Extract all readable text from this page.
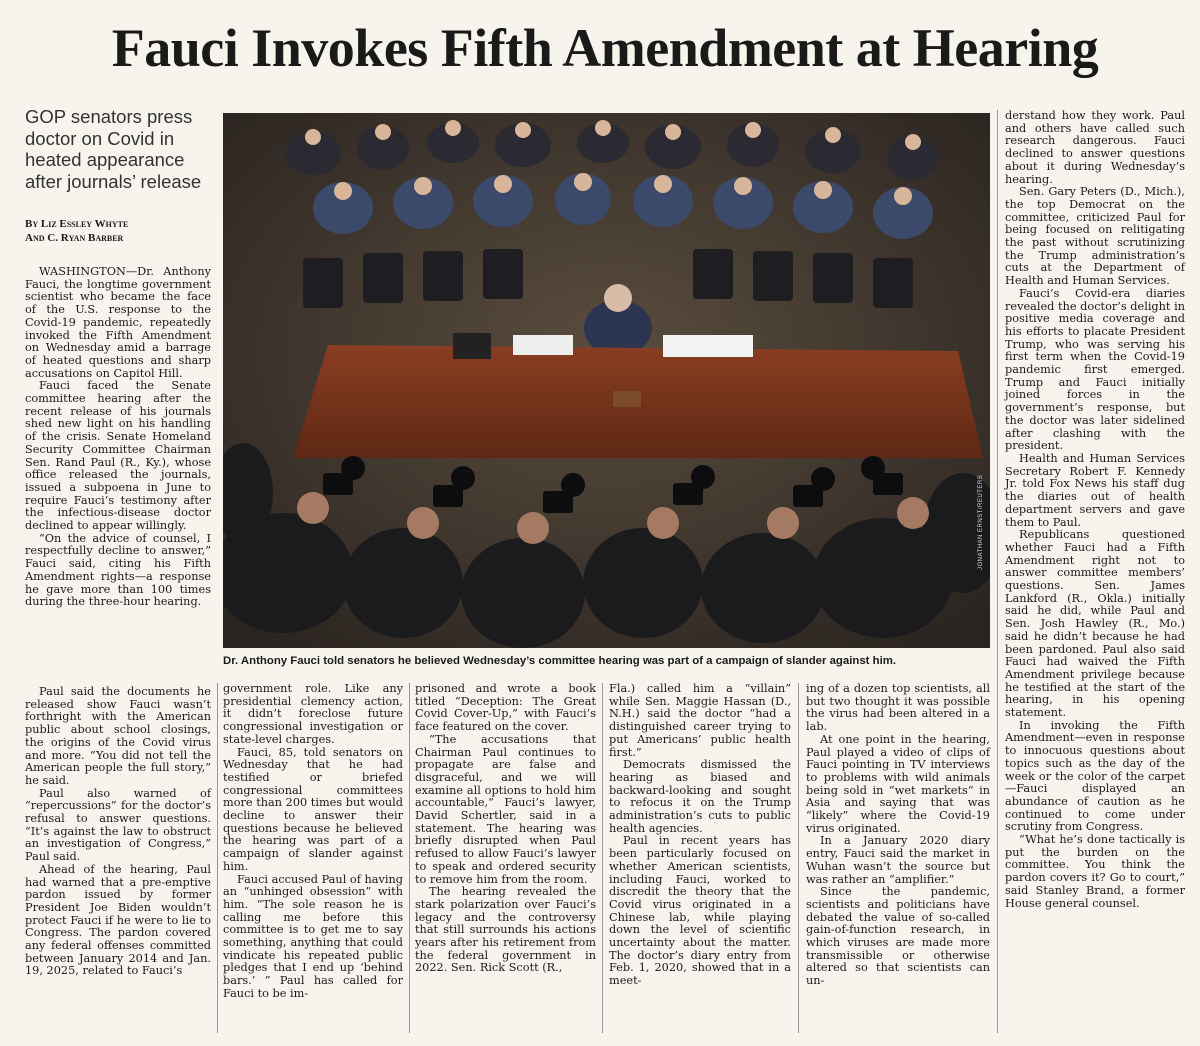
Fauci Invokes Fifth Amendment at Hearing
GOP senators press doctor on Covid in heated appearance after journals’ release
By Liz Essley Whyte
And C. Ryan Barber

WASHINGTON—Dr. Anthony Fauci, the longtime government scientist who became the face of the U.S. response to the Covid-19 pandemic, repeatedly invoked the Fifth Amendment on Wednesday amid a barrage of heated questions and sharp accusations on Capitol Hill.

Fauci faced the Senate committee hearing after the recent release of his journals shed new light on his handling of the crisis. Senate Homeland Security Committee Chairman Sen. Rand Paul (R., Ky.), whose office released the journals, issued a subpoena in June to require Fauci’s testimony after the infectious-disease doctor declined to appear willingly.

“On the advice of counsel, I respectfully decline to answer,” Fauci said, citing his Fifth Amendment rights—a response he gave more than 100 times during the three-hour hearing.

JONATHAN ERNST/REUTERS
Dr. Anthony Fauci told senators he believed Wednesday’s committee hearing was part of a campaign of slander against him.

Paul said the documents he released show Fauci wasn’t forthright with the American public about school closings, the origins of the Covid virus and more. “You did not tell the American people the full story,” he said.

Paul also warned of “repercussions” for the doctor’s refusal to answer questions. “It’s against the law to obstruct an investigation of Congress,” Paul said.

Ahead of the hearing, Paul had warned that a pre-emptive pardon issued by former President Joe Biden wouldn’t protect Fauci if he were to lie to Congress. The pardon covered any federal offenses committed between January 2014 and Jan. 19, 2025, related to Fauci’s

government role. Like any presidential clemency action, it didn’t foreclose future congressional investigation or state-level charges.

Fauci, 85, told senators on Wednesday that he had testified or briefed congressional committees more than 200 times but would decline to answer their questions because he believed the hearing was part of a campaign of slander against him.

Fauci accused Paul of having an “unhinged obsession” with him. “The sole reason he is calling me before this committee is to get me to say something, anything that could vindicate his repeated public pledges that I end up ‘behind bars.’ ” Paul has called for Fauci to be im-

prisoned and wrote a book titled “Deception: The Great Covid Cover-Up,” with Fauci’s face featured on the cover.

“The accusations that Chairman Paul continues to propagate are false and disgraceful, and we will examine all options to hold him accountable,” Fauci’s lawyer, David Schertler, said in a statement. The hearing was briefly disrupted when Paul refused to allow Fauci’s lawyer to speak and ordered security to remove him from the room.

The hearing revealed the stark polarization over Fauci’s legacy and the controversy that still surrounds his actions years after his retirement from the federal government in 2022. Sen. Rick Scott (R.,

Fla.) called him a “villain” while Sen. Maggie Hassan (D., N.H.) said the doctor “had a distinguished career trying to put Americans’ public health first.”

Democrats dismissed the hearing as biased and backward-looking and sought to refocus it on the Trump administration’s cuts to public health agencies.

Paul in recent years has been particularly focused on whether American scientists, including Fauci, worked to discredit the theory that the Covid virus originated in a Chinese lab, while playing down the level of scientific uncertainty about the matter. The doctor’s diary entry from Feb. 1, 2020, showed that in a meet-

ing of a dozen top scientists, all but two thought it was possible the virus had been altered in a lab.

At one point in the hearing, Paul played a video of clips of Fauci pointing in TV interviews to problems with wild animals being sold in “wet markets” in Asia and saying that was “likely” where the Covid-19 virus originated.

In a January 2020 diary entry, Fauci said the market in Wuhan wasn’t the source but was rather an “amplifier.”

Since the pandemic, scientists and politicians have debated the value of so-called gain-of-function research, in which viruses are made more transmissible or otherwise altered so that scientists can un-

derstand how they work. Paul and others have called such research dangerous. Fauci declined to answer questions about it during Wednesday’s hearing.

Sen. Gary Peters (D., Mich.), the top Democrat on the committee, criticized Paul for being focused on relitigating the past without scrutinizing the Trump administration’s cuts at the Department of Health and Human Services.

Fauci’s Covid-era diaries revealed the doctor’s delight in positive media coverage and his efforts to placate President Trump, who was serving his first term when the Covid-19 pandemic first emerged. Trump and Fauci initially joined forces in the government’s response, but the doctor was later sidelined after clashing with the president.

Health and Human Services Secretary Robert F. Kennedy Jr. told Fox News his staff dug the diaries out of health department servers and gave them to Paul.

Republicans questioned whether Fauci had a Fifth Amendment right not to answer committee members’ questions. Sen. James Lankford (R., Okla.) initially said he did, while Paul and Sen. Josh Hawley (R., Mo.) said he didn’t because he had been pardoned. Paul also said Fauci had waived the Fifth Amendment privilege because he testified at the start of the hearing, in his opening statement.

In invoking the Fifth Amendment—even in response to innocuous questions about topics such as the day of the week or the color of the carpet—Fauci displayed an abundance of caution as he continued to come under scrutiny from Congress.

“What he’s done tactically is put the burden on the committee. You think the pardon covers it? Go to court,” said Stanley Brand, a former House general counsel.
